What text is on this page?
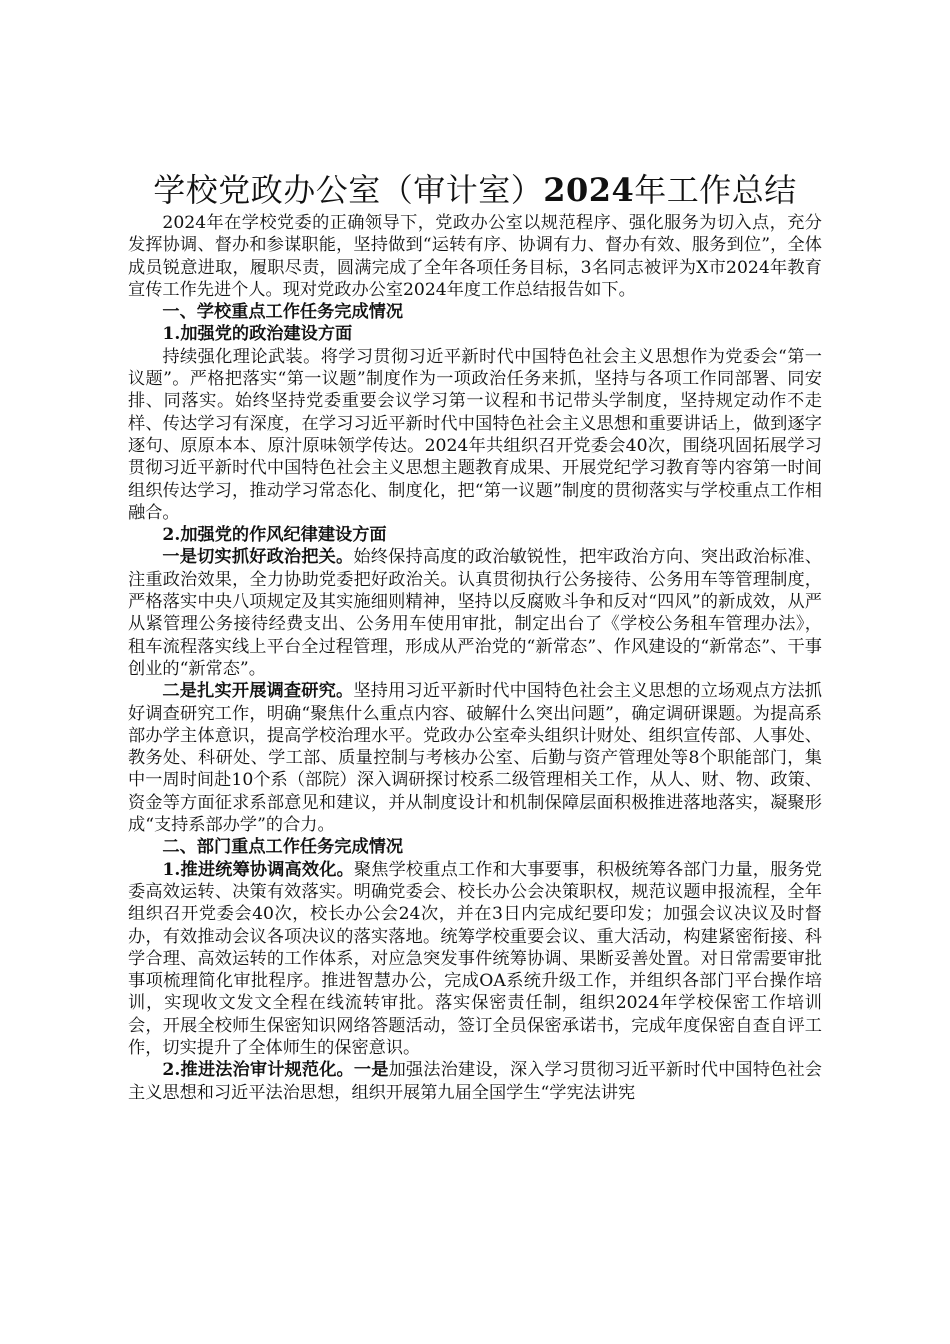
学校党政办公室（审计室）2024年工作总结

2024年在学校党委的正确领导下，党政办公室以规范程序、强化服务为切入点，充分发挥协调、督办和参谋职能，坚持做到“运转有序、协调有力、督办有效、服务到位”，全体成员锐意进取，履职尽责，圆满完成了全年各项任务目标，3名同志被评为X市2024年教育宣传工作先进个人。现对党政办公室2024年度工作总结报告如下。

一、学校重点工作任务完成情况

1.加强党的政治建设方面

持续强化理论武装。将学习贯彻习近平新时代中国特色社会主义思想作为党委会“第一议题”。严格把落实“第一议题”制度作为一项政治任务来抓，坚持与各项工作同部署、同安排、同落实。始终坚持党委重要会议学习第一议程和书记带头学制度，坚持规定动作不走样、传达学习有深度，在学习习近平新时代中国特色社会主义思想和重要讲话上，做到逐字逐句、原原本本、原汁原味领学传达。2024年共组织召开党委会40次，围绕巩固拓展学习贯彻习近平新时代中国特色社会主义思想主题教育成果、开展党纪学习教育等内容第一时间组织传达学习，推动学习常态化、制度化，把“第一议题”制度的贯彻落实与学校重点工作相融合。

2.加强党的作风纪律建设方面

一是切实抓好政治把关。始终保持高度的政治敏锐性，把牢政治方向、突出政治标准、注重政治效果，全力协助党委把好政治关。认真贯彻执行公务接待、公务用车等管理制度，严格落实中央八项规定及其实施细则精神，坚持以反腐败斗争和反对“四风”的新成效，从严从紧管理公务接待经费支出、公务用车使用审批，制定出台了《学校公务租车管理办法》，租车流程落实线上平台全过程管理，形成从严治党的“新常态”、作风建设的“新常态”、干事创业的“新常态”。

二是扎实开展调查研究。坚持用习近平新时代中国特色社会主义思想的立场观点方法抓好调查研究工作，明确“聚焦什么重点内容、破解什么突出问题”，确定调研课题。为提高系部办学主体意识，提高学校治理水平。党政办公室牵头组织计财处、组织宣传部、人事处、教务处、科研处、学工部、质量控制与考核办公室、后勤与资产管理处等8个职能部门，集中一周时间赴10个系（部院）深入调研探讨校系二级管理相关工作，从人、财、物、政策、资金等方面征求系部意见和建议，并从制度设计和机制保障层面积极推进落地落实，凝聚形成“支持系部办学”的合力。

二、部门重点工作任务完成情况

1.推进统筹协调高效化。聚焦学校重点工作和大事要事，积极统筹各部门力量，服务党委高效运转、决策有效落实。明确党委会、校长办公会决策职权，规范议题申报流程，全年组织召开党委会40次，校长办公会24次，并在3日内完成纪要印发；加强会议决议及时督办，有效推动会议各项决议的落实落地。统筹学校重要会议、重大活动，构建紧密衔接、科学合理、高效运转的工作体系，对应急突发事件统筹协调、果断妥善处置。对日常需要审批事项梳理简化审批程序。推进智慧办公，完成OA系统升级工作，并组织各部门平台操作培训，实现收文发文全程在线流转审批。落实保密责任制，组织2024年学校保密工作培训会，开展全校师生保密知识网络答题活动，签订全员保密承诺书，完成年度保密自查自评工作，切实提升了全体师生的保密意识。

2.推进法治审计规范化。一是加强法治建设，深入学习贯彻习近平新时代中国特色社会主义思想和习近平法治思想，组织开展第九届全国学生“学宪法讲宪
